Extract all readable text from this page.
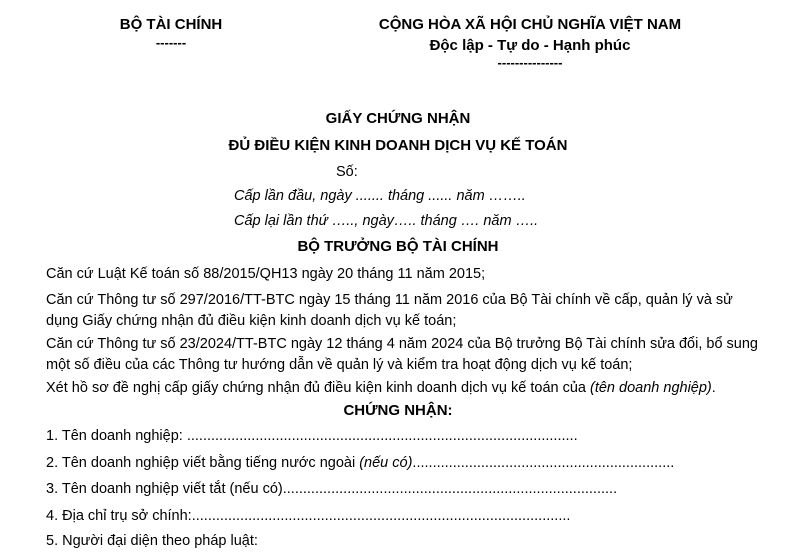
BỘ TÀI CHÍNH
-------
CỘNG HÒA XÃ HỘI CHỦ NGHĨA VIỆT NAM
Độc lập - Tự do - Hạnh phúc
---------------
GIẤY CHỨNG NHẬN
ĐỦ ĐIỀU KIỆN KINH DOANH DỊCH VỤ KẾ TOÁN
Số:
Cấp lần đầu, ngày ....... tháng ...... năm ……..
Cấp lại lần thứ ….., ngày….. tháng …. năm …..
BỘ TRƯỞNG BỘ TÀI CHÍNH
Căn cứ Luật Kế toán số 88/2015/QH13 ngày 20 tháng 11 năm 2015;
Căn cứ Thông tư số 297/2016/TT-BTC ngày 15 tháng 11 năm 2016 của Bộ Tài chính về cấp, quản lý và sử dụng Giấy chứng nhận đủ điều kiện kinh doanh dịch vụ kế toán;
Căn cứ Thông tư số 23/2024/TT-BTC ngày 12 tháng 4 năm 2024 của Bộ trưởng Bộ Tài chính sửa đổi, bổ sung một số điều của các Thông tư hướng dẫn về quản lý và kiểm tra hoạt động dịch vụ kế toán;
Xét hồ sơ đề nghị cấp giấy chứng nhận đủ điều kiện kinh doanh dịch vụ kế toán của (tên doanh nghiệp).
CHỨNG NHẬN:
1. Tên doanh nghiệp: .................................................................................................
2. Tên doanh nghiệp viết bằng tiếng nước ngoài (nếu có).................................................................
3. Tên doanh nghiệp viết tắt (nếu có)...................................................................................
4. Địa chỉ trụ sở chính:..............................................................................................
5. Người đại diện theo pháp luật:
